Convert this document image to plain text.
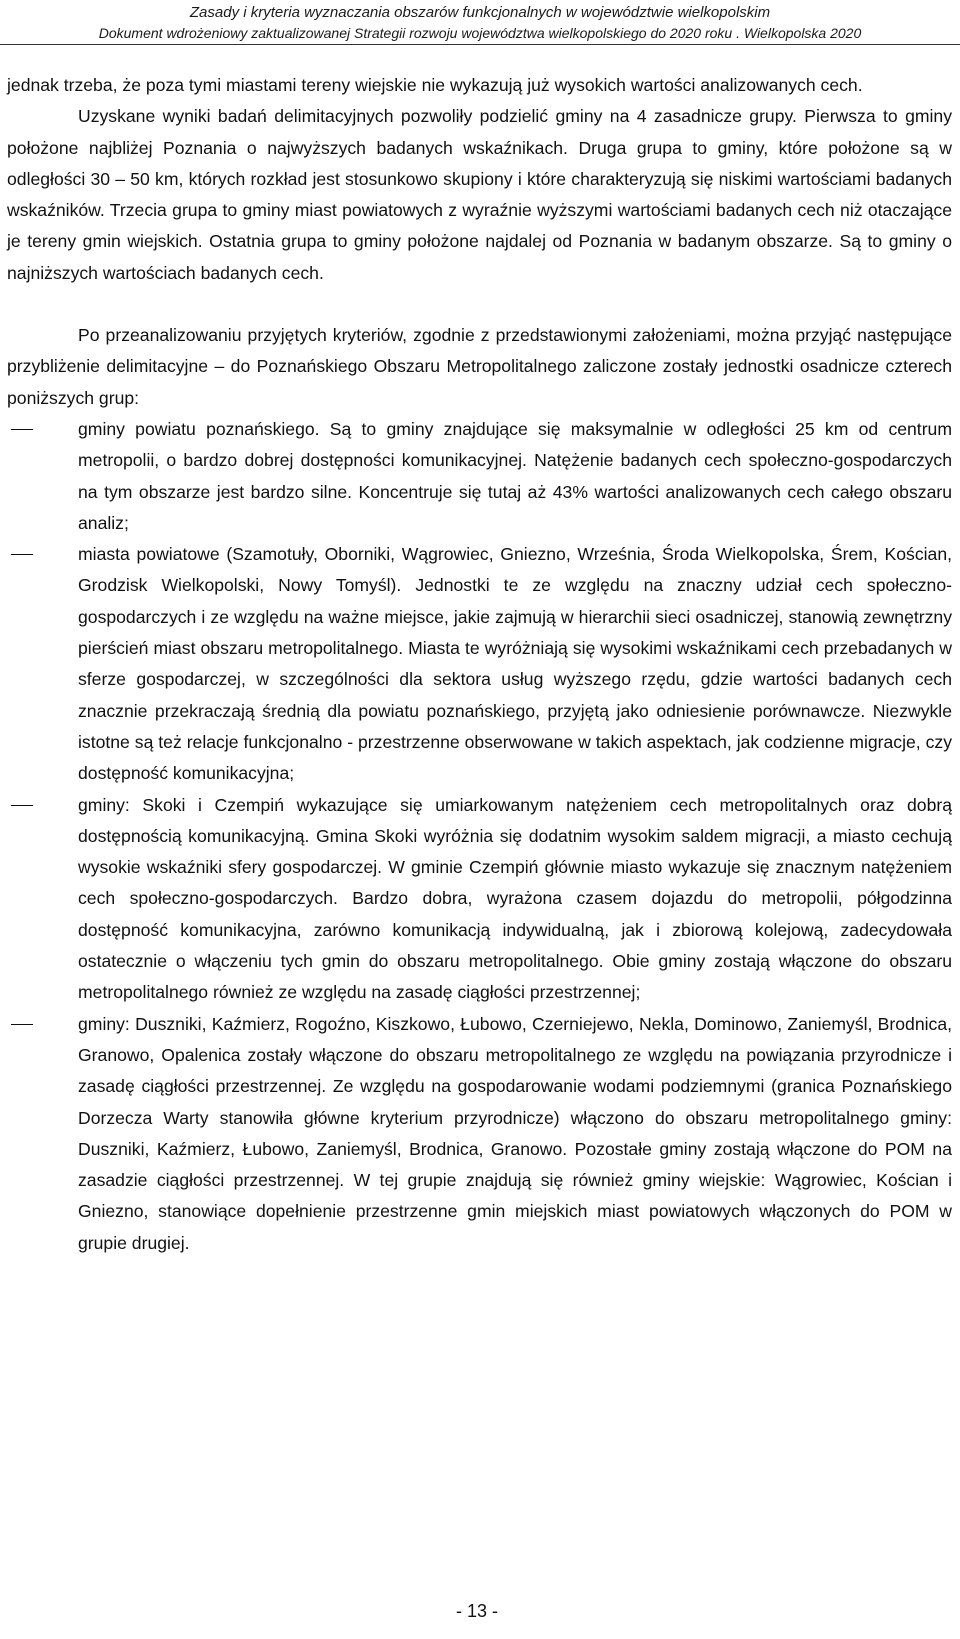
Zasady i kryteria wyznaczania obszarów funkcjonalnych w województwie wielkopolskim
Dokument wdrożeniowy zaktualizowanej Strategii rozwoju województwa wielkopolskiego do 2020 roku . Wielkopolska 2020

jednak trzeba, że poza tymi miastami tereny wiejskie nie wykazują już wysokich wartości analizowanych cech.

Uzyskane wyniki badań delimitacyjnych pozwoliły podzielić gminy na 4 zasadnicze grupy. Pierwsza to gminy położone najbliżej Poznania o najwyższych badanych wskaźnikach. Druga grupa to gminy, które położone są w odległości 30 – 50 km, których rozkład jest stosunkowo skupiony i które charakteryzują się niskimi wartościami badanych wskaźników. Trzecia grupa to gminy miast powiatowych z wyraźnie wyższymi wartościami badanych cech niż otaczające je tereny gmin wiejskich. Ostatnia grupa to gminy położone najdalej od Poznania w badanym obszarze. Są to gminy o najniższych wartościach badanych cech.

Po przeanalizowaniu przyjętych kryteriów, zgodnie z przedstawionymi założeniami, można przyjąć następujące przybliżenie delimitacyjne – do Poznańskiego Obszaru Metropolitalnego zaliczone zostały jednostki osadnicze czterech poniższych grup:

gminy powiatu poznańskiego. Są to gminy znajdujące się maksymalnie w odległości 25 km od centrum metropolii, o bardzo dobrej dostępności komunikacyjnej. Natężenie badanych cech społeczno-gospodarczych na tym obszarze jest bardzo silne. Koncentruje się tutaj aż 43% wartości analizowanych cech całego obszaru analiz;
miasta powiatowe (Szamotuły, Oborniki, Wągrowiec, Gniezno, Września, Środa Wielkopolska, Śrem, Kościan, Grodzisk Wielkopolski, Nowy Tomyśl). Jednostki te ze względu na znaczny udział cech społeczno-gospodarczych i ze względu na ważne miejsce, jakie zajmują w hierarchii sieci osadniczej, stanowią zewnętrzny pierścień miast obszaru metropolitalnego. Miasta te wyróżniają się wysokimi wskaźnikami cech przebadanych w sferze gospodarczej, w szczególności dla sektora usług wyższego rzędu, gdzie wartości badanych cech znacznie przekraczają średnią dla powiatu poznańskiego, przyjętą jako odniesienie porównawcze. Niezwykle istotne są też relacje funkcjonalno - przestrzenne obserwowane w takich aspektach, jak codzienne migracje, czy dostępność komunikacyjna;
gminy: Skoki i Czempiń wykazujące się umiarkowanym natężeniem cech metropolitalnych oraz dobrą dostępnością komunikacyjną. Gmina Skoki wyróżnia się dodatnim wysokim saldem migracji, a miasto cechują wysokie wskaźniki sfery gospodarczej. W gminie Czempiń głównie miasto wykazuje się znacznym natężeniem cech społeczno-gospodarczych. Bardzo dobra, wyrażona czasem dojazdu do metropolii, półgodzinna dostępność komunikacyjna, zarówno komunikacją indywidualną, jak i zbiorową kolejową, zadecydowała ostatecznie o włączeniu tych gmin do obszaru metropolitalnego. Obie gminy zostają włączone do obszaru metropolitalnego również ze względu na zasadę ciągłości przestrzennej;
gminy: Duszniki, Kaźmierz, Rogoźno, Kiszkowo, Łubowo, Czerniejewo, Nekla, Dominowo, Zaniemyśl, Brodnica, Granowo, Opalenica zostały włączone do obszaru metropolitalnego ze względu na powiązania przyrodnicze i zasadę ciągłości przestrzennej. Ze względu na gospodarowanie wodami podziemnymi (granica Poznańskiego Dorzecza Warty stanowiła główne kryterium przyrodnicze) włączono do obszaru metropolitalnego gminy: Duszniki, Kaźmierz, Łubowo, Zaniemyśl, Brodnica, Granowo. Pozostałe gminy zostają włączone do POM na zasadzie ciągłości przestrzennej. W tej grupie znajdują się również gminy wiejskie: Wągrowiec, Kościan i Gniezno, stanowiące dopełnienie przestrzenne gmin miejskich miast powiatowych włączonych do POM w grupie drugiej.
- 13 -
